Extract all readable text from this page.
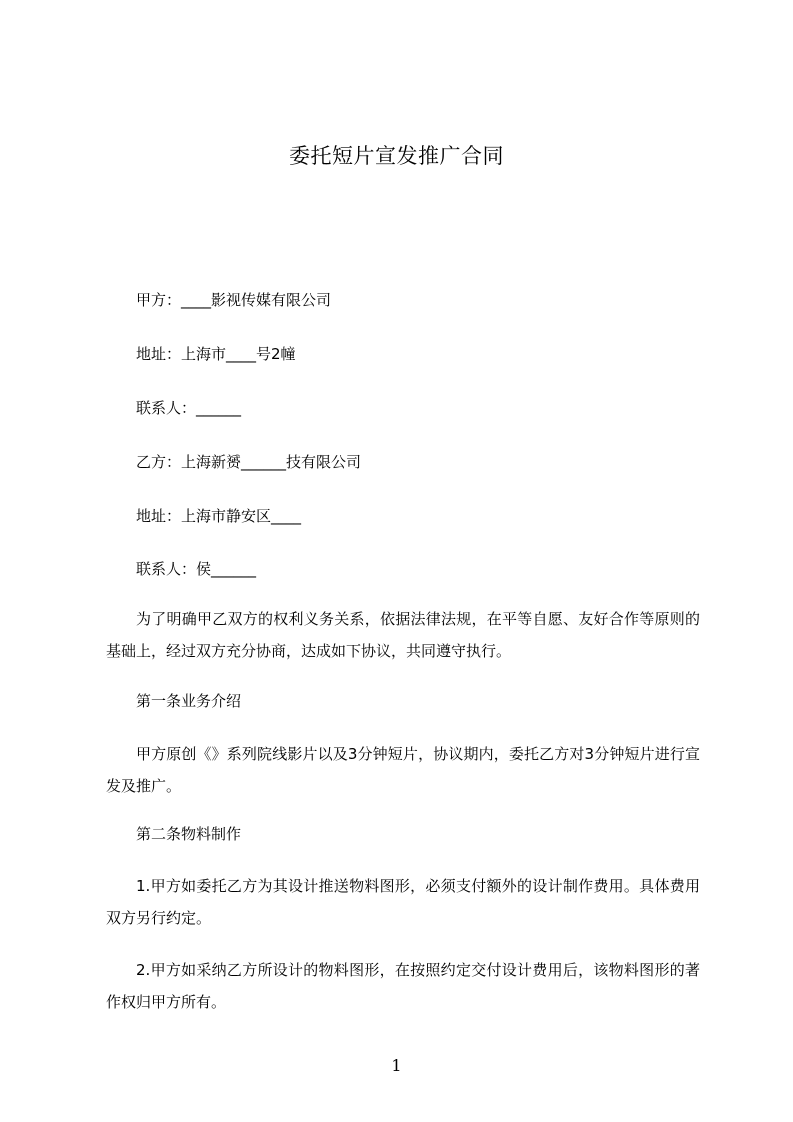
委托短片宣发推广合同
甲方：____影视传媒有限公司
地址：上海市____号2幢
联系人：______
乙方：上海新赟______技有限公司
地址：上海市静安区____
联系人：侯______
为了明确甲乙双方的权利义务关系，依据法律法规，在平等自愿、友好合作等原则的基础上，经过双方充分协商，达成如下协议，共同遵守执行。
第一条业务介绍
甲方原创《》系列院线影片以及3分钟短片，协议期内，委托乙方对3分钟短片进行宣发及推广。
第二条物料制作
1.甲方如委托乙方为其设计推送物料图形，必须支付额外的设计制作费用。具体费用双方另行约定。
2.甲方如采纳乙方所设计的物料图形，在按照约定交付设计费用后，该物料图形的著作权归甲方所有。
1
